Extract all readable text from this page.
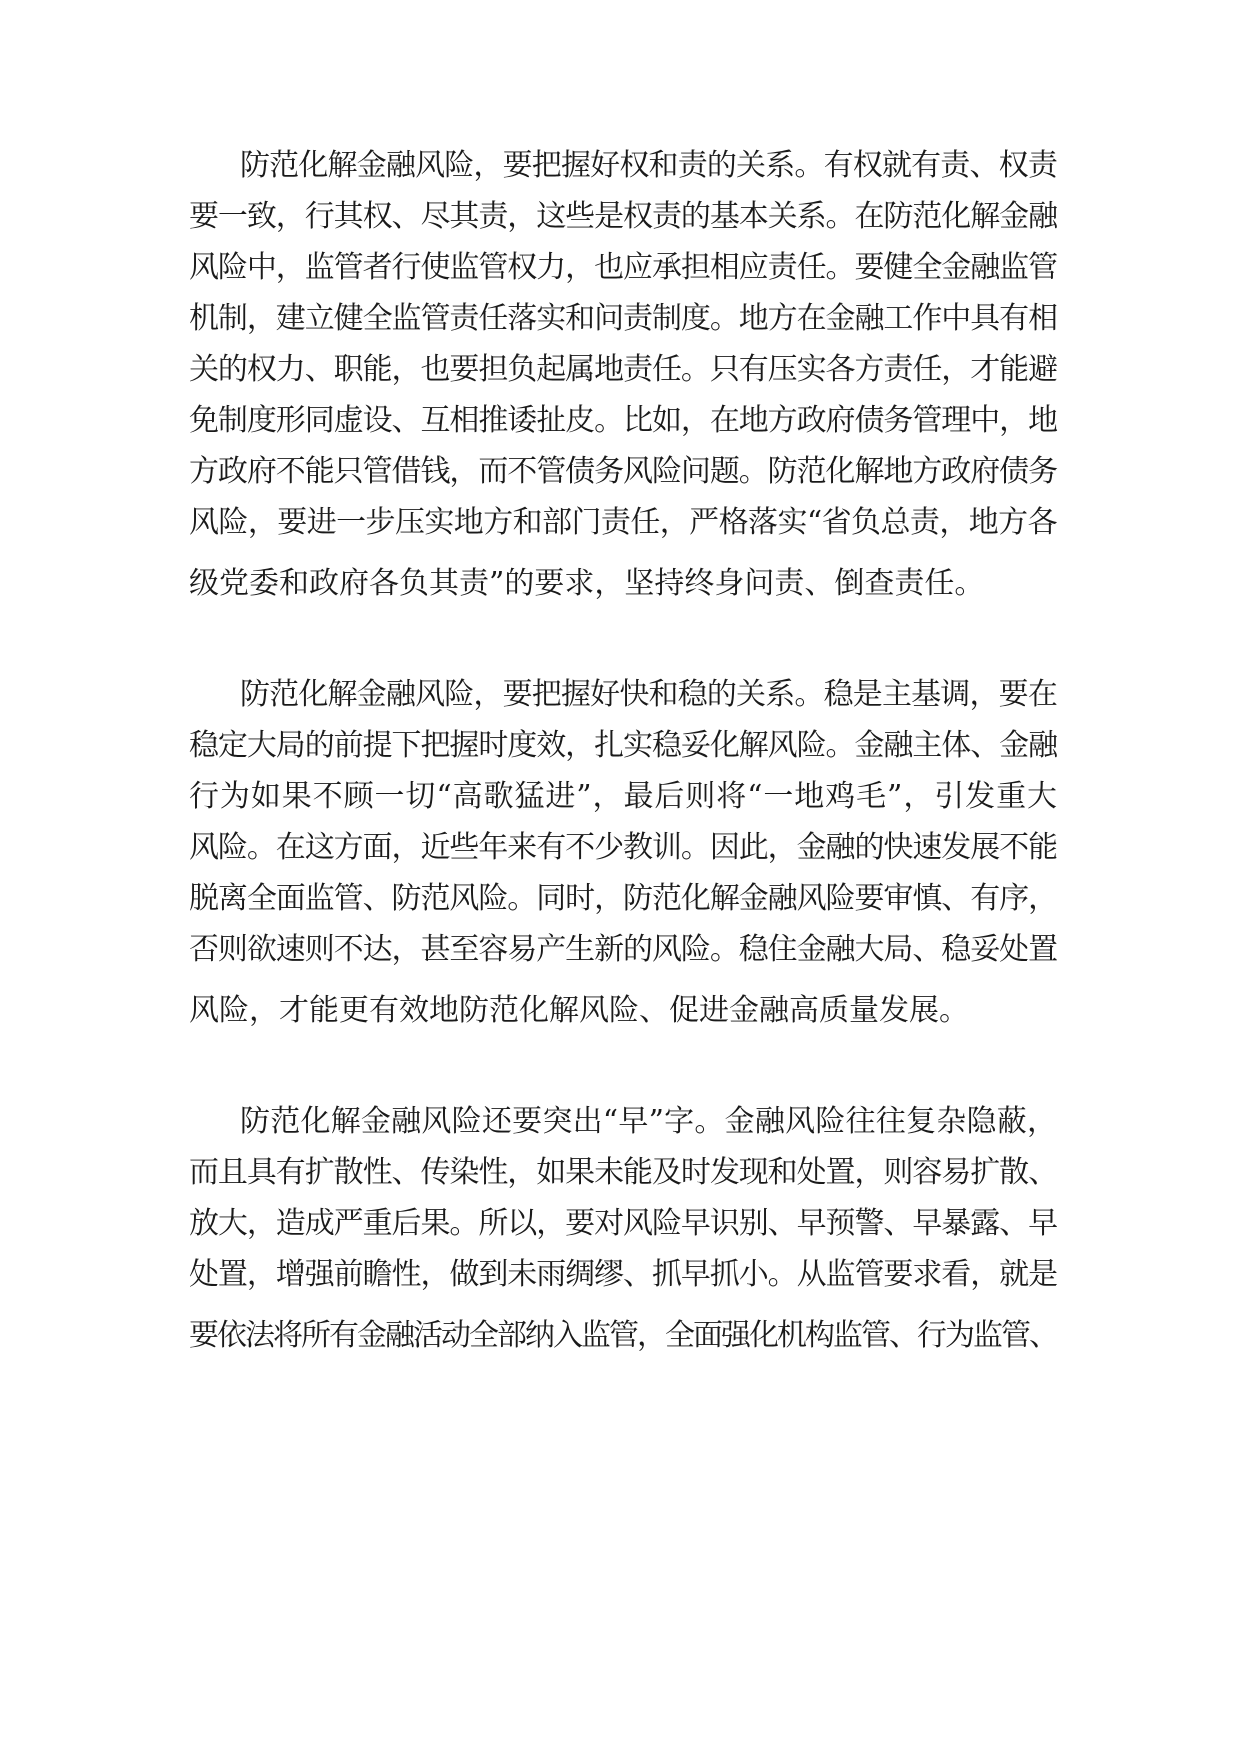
防范化解金融风险，要把握好权和责的关系。有权就有责、权责
要一致，行其权、尽其责，这些是权责的基本关系。在防范化解金融
风险中，监管者行使监管权力，也应承担相应责任。要健全金融监管
机制，建立健全监管责任落实和问责制度。地方在金融工作中具有相
关的权力、职能，也要担负起属地责任。只有压实各方责任，才能避
免制度形同虚设、互相推诿扯皮。比如，在地方政府债务管理中，地
方政府不能只管借钱，而不管债务风险问题。防范化解地方政府债务
风险，要进一步压实地方和部门责任，严格落实“省负总责，地方各
级党委和政府各负其责”的要求，坚持终身问责、倒查责任。
防范化解金融风险，要把握好快和稳的关系。稳是主基调，要在
稳定大局的前提下把握时度效，扎实稳妥化解风险。金融主体、金融
行为如果不顾一切“高歌猛进”，最后则将“一地鸡毛”，引发重大
风险。在这方面，近些年来有不少教训。因此，金融的快速发展不能
脱离全面监管、防范风险。同时，防范化解金融风险要审慎、有序，
否则欲速则不达，甚至容易产生新的风险。稳住金融大局、稳妥处置
风险，才能更有效地防范化解风险、促进金融高质量发展。
防范化解金融风险还要突出“早”字。金融风险往往复杂隐蔽，
而且具有扩散性、传染性，如果未能及时发现和处置，则容易扩散、
放大，造成严重后果。所以，要对风险早识别、早预警、早暴露、早
处置，增强前瞻性，做到未雨绸缪、抓早抓小。从监管要求看，就是
要依法将所有金融活动全部纳入监管，全面强化机构监管、行为监管、
